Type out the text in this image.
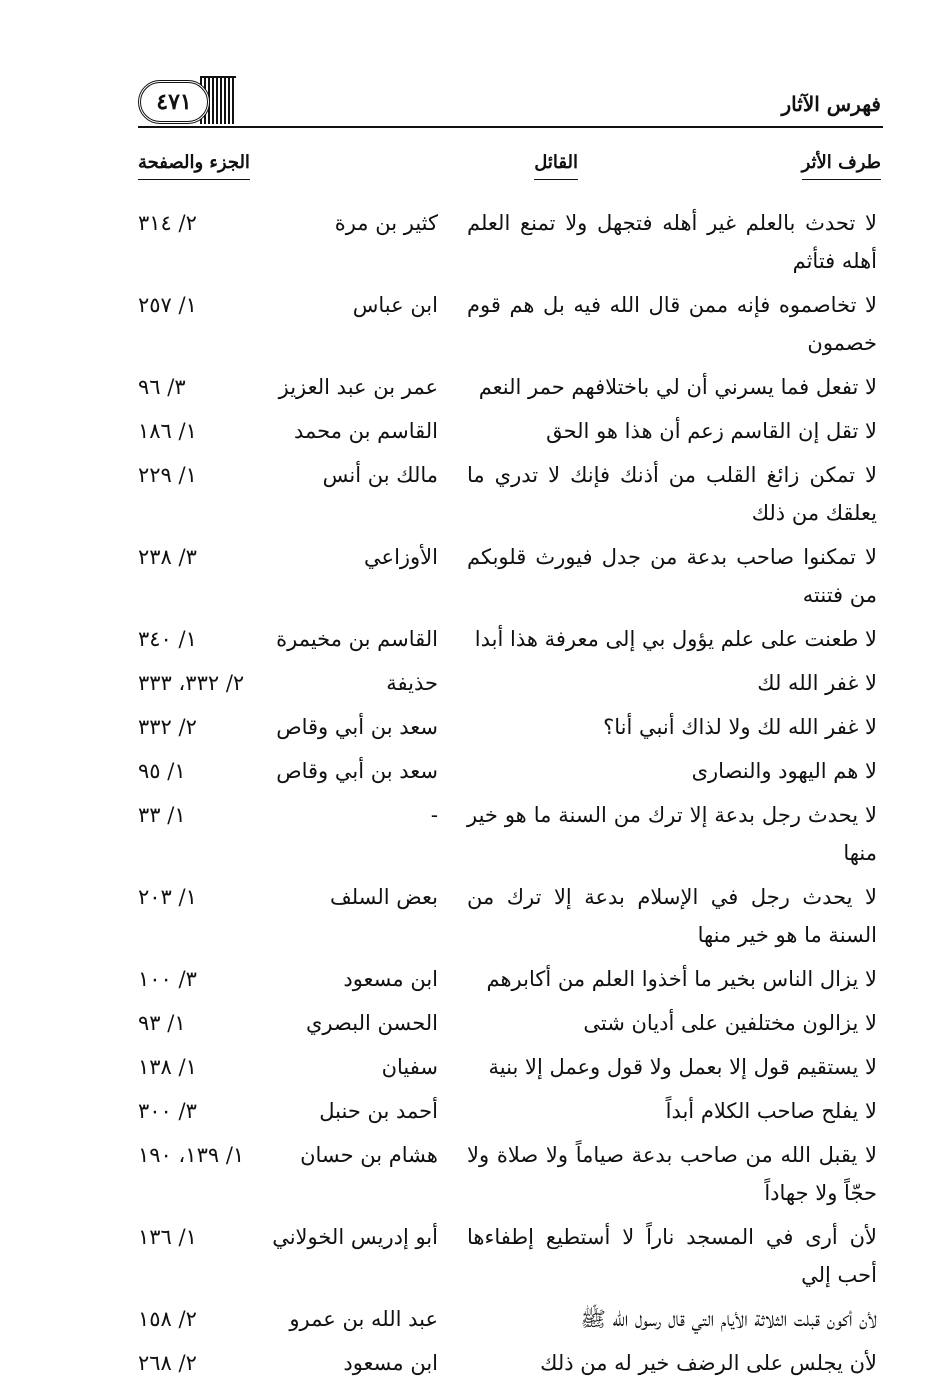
٤٧١	فهرس الآثار
طرف الأثر
القائل
الجزء والصفحة
لا تحدث بالعلم غير أهله فتجهل ولا تمنع العلم أهله فتأثم
كثير بن مرة
٢/ ٣١٤
لا تخاصموه فإنه ممن قال الله فيه بل هم قوم خصمون
ابن عباس
١/ ٢٥٧
لا تفعل فما يسرني أن لي باختلافهم حمر النعم
عمر بن عبد العزيز
٣/ ٩٦
لا تقل إن القاسم زعم أن هذا هو الحق
القاسم بن محمد
١/ ١٨٦
لا تمكن زائغ القلب من أذنك فإنك لا تدري ما يعلقك من ذلك
مالك بن أنس
١/ ٢٢٩
لا تمكنوا صاحب بدعة من جدل فيورث قلوبكم من فتنته
الأوزاعي
٣/ ٢٣٨
لا طعنت على علم يؤول بي إلى معرفة هذا أبدا
القاسم بن مخيمرة
١/ ٣٤٠
لا غفر الله لك
حذيفة
٢/ ٣٣٢، ٣٣٣
لا غفر الله لك ولا لذاك أنبي أنا؟
سعد بن أبي وقاص
٢/ ٣٣٢
لا هم اليهود والنصارى
سعد بن أبي وقاص
١/ ٩٥
لا يحدث رجل بدعة إلا ترك من السنة ما هو خير منها
-
١/ ٣٣
لا يحدث رجل في الإسلام بدعة إلا ترك من السنة ما هو خير منها
بعض السلف
١/ ٢٠٣
لا يزال الناس بخير ما أخذوا العلم من أكابرهم
ابن مسعود
٣/ ١٠٠
لا يزالون مختلفين على أديان شتى
الحسن البصري
١/ ٩٣
لا يستقيم قول إلا بعمل ولا قول وعمل إلا بنية
سفيان
١/ ١٣٨
لا يفلح صاحب الكلام أبداً
أحمد بن حنبل
٣/ ٣٠٠
لا يقبل الله من صاحب بدعة صياماً ولا صلاة ولا حجّاً ولا جهاداً
هشام بن حسان
١/ ١٣٩، ١٩٠
لأن أرى في المسجد ناراً لا أستطيع إطفاءها أحب إلي
أبو إدريس الخولاني
١/ ١٣٦
لأن أكون قبلت الثلاثة الأيام التي قال رسول الله ﷺ
عبد الله بن عمرو
٢/ ١٥٨
لأن يجلس على الرضف خير له من ذلك
ابن مسعود
٢/ ٢٦٨
